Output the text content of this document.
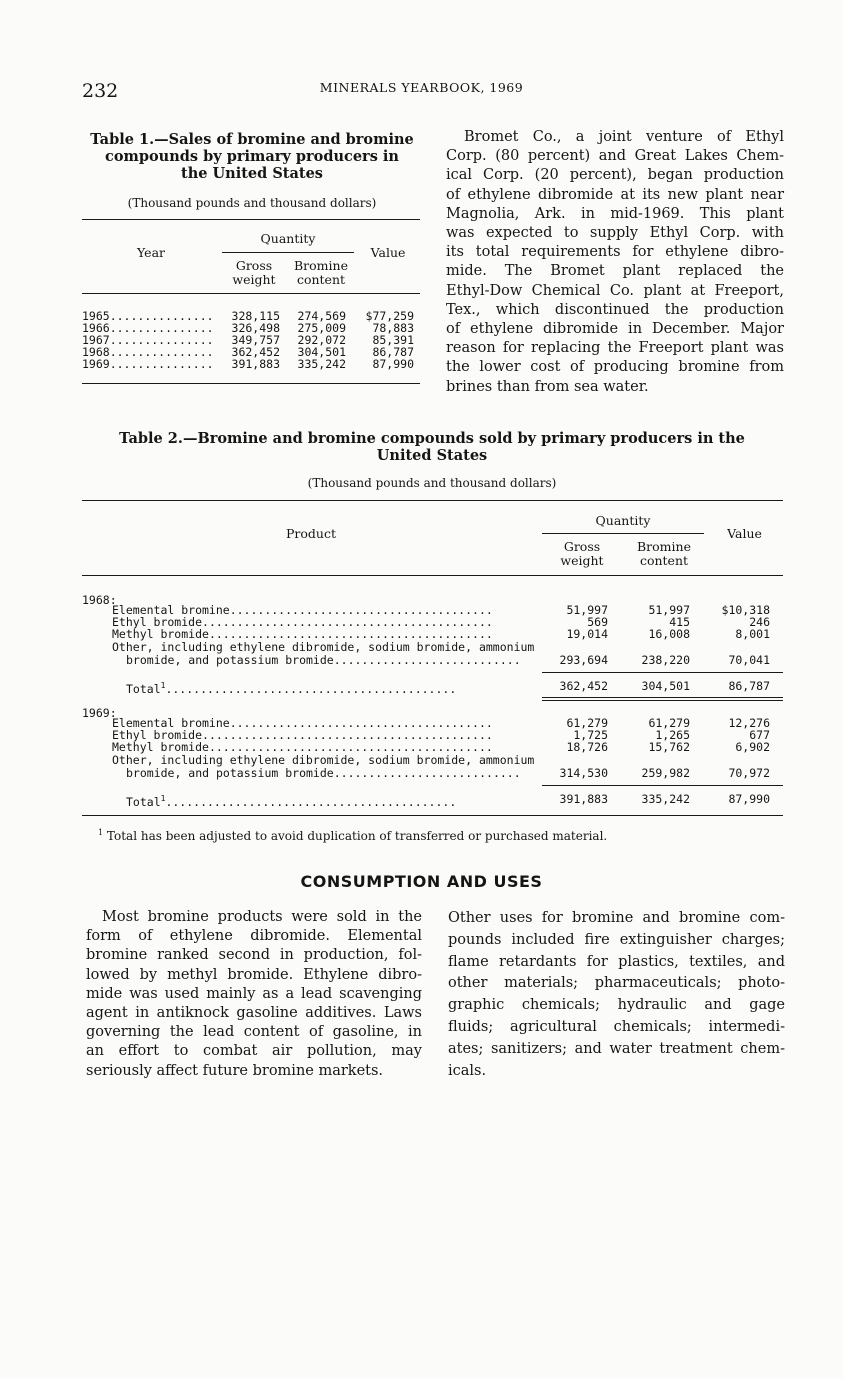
232	MINERALS YEARBOOK, 1969
Table 1.—Sales of bromine and bromine
compounds by primary producers in
the United States
(Thousand pounds and thousand dollars)
Year
Quantity
Gross
weight
Bromine
content
Value
1965...............	328,115	274,569	$77,259
1966...............	326,498	275,009	78,883
1967...............	349,757	292,072	85,391
1968...............	362,452	304,501	86,787
1969...............	391,883	335,242	87,990
Bromet Co., a joint venture of Ethyl
Corp. (80 percent) and Great Lakes Chem-
ical Corp. (20 percent), began production
of ethylene dibromide at its new plant near
Magnolia, Ark. in mid-1969. This plant
was expected to supply Ethyl Corp. with
its total requirements for ethylene dibro-
mide. The Bromet plant replaced the
Ethyl-Dow Chemical Co. plant at Freeport,
Tex., which discontinued the production
of ethylene dibromide in December. Major
reason for replacing the Freeport plant was
the lower cost of producing bromine from
brines than from sea water.
Table 2.—Bromine and bromine compounds sold by primary producers in the
United States
(Thousand pounds and thousand dollars)
Product
Quantity
Gross
weight
Bromine
content
Value
1968:
Elemental bromine......................................	51,997	51,997	$10,318
Ethyl bromide..........................................	569	415	246
Methyl bromide.........................................	19,014	16,008	8,001
Other, including ethylene dibromide, sodium bromide, ammonium
bromide, and potassium bromide...........................	293,694	238,220	70,041
Total$^1$..........................................	362,452	304,501	86,787
1969:
Elemental bromine......................................	61,279	61,279	12,276
Ethyl bromide..........................................	1,725	1,265	677
Methyl bromide.........................................	18,726	15,762	6,902
Other, including ethylene dibromide, sodium bromide, ammonium
bromide, and potassium bromide...........................	314,530	259,982	70,972
Total$^1$..........................................	391,883	335,242	87,990
$^1$ Total has been adjusted to avoid duplication of transferred or purchased material.
CONSUMPTION AND USES
Most bromine products were sold in the
form of ethylene dibromide. Elemental
bromine ranked second in production, fol-
lowed by methyl bromide. Ethylene dibro-
mide was used mainly as a lead scavenging
agent in antiknock gasoline additives. Laws
governing the lead content of gasoline, in
an effort to combat air pollution, may
seriously affect future bromine markets.
Other uses for bromine and bromine com-
pounds included fire extinguisher charges;
flame retardants for plastics, textiles, and
other materials; pharmaceuticals; photo-
graphic chemicals; hydraulic and gage
fluids; agricultural chemicals; intermedi-
ates; sanitizers; and water treatment chem-
icals.
